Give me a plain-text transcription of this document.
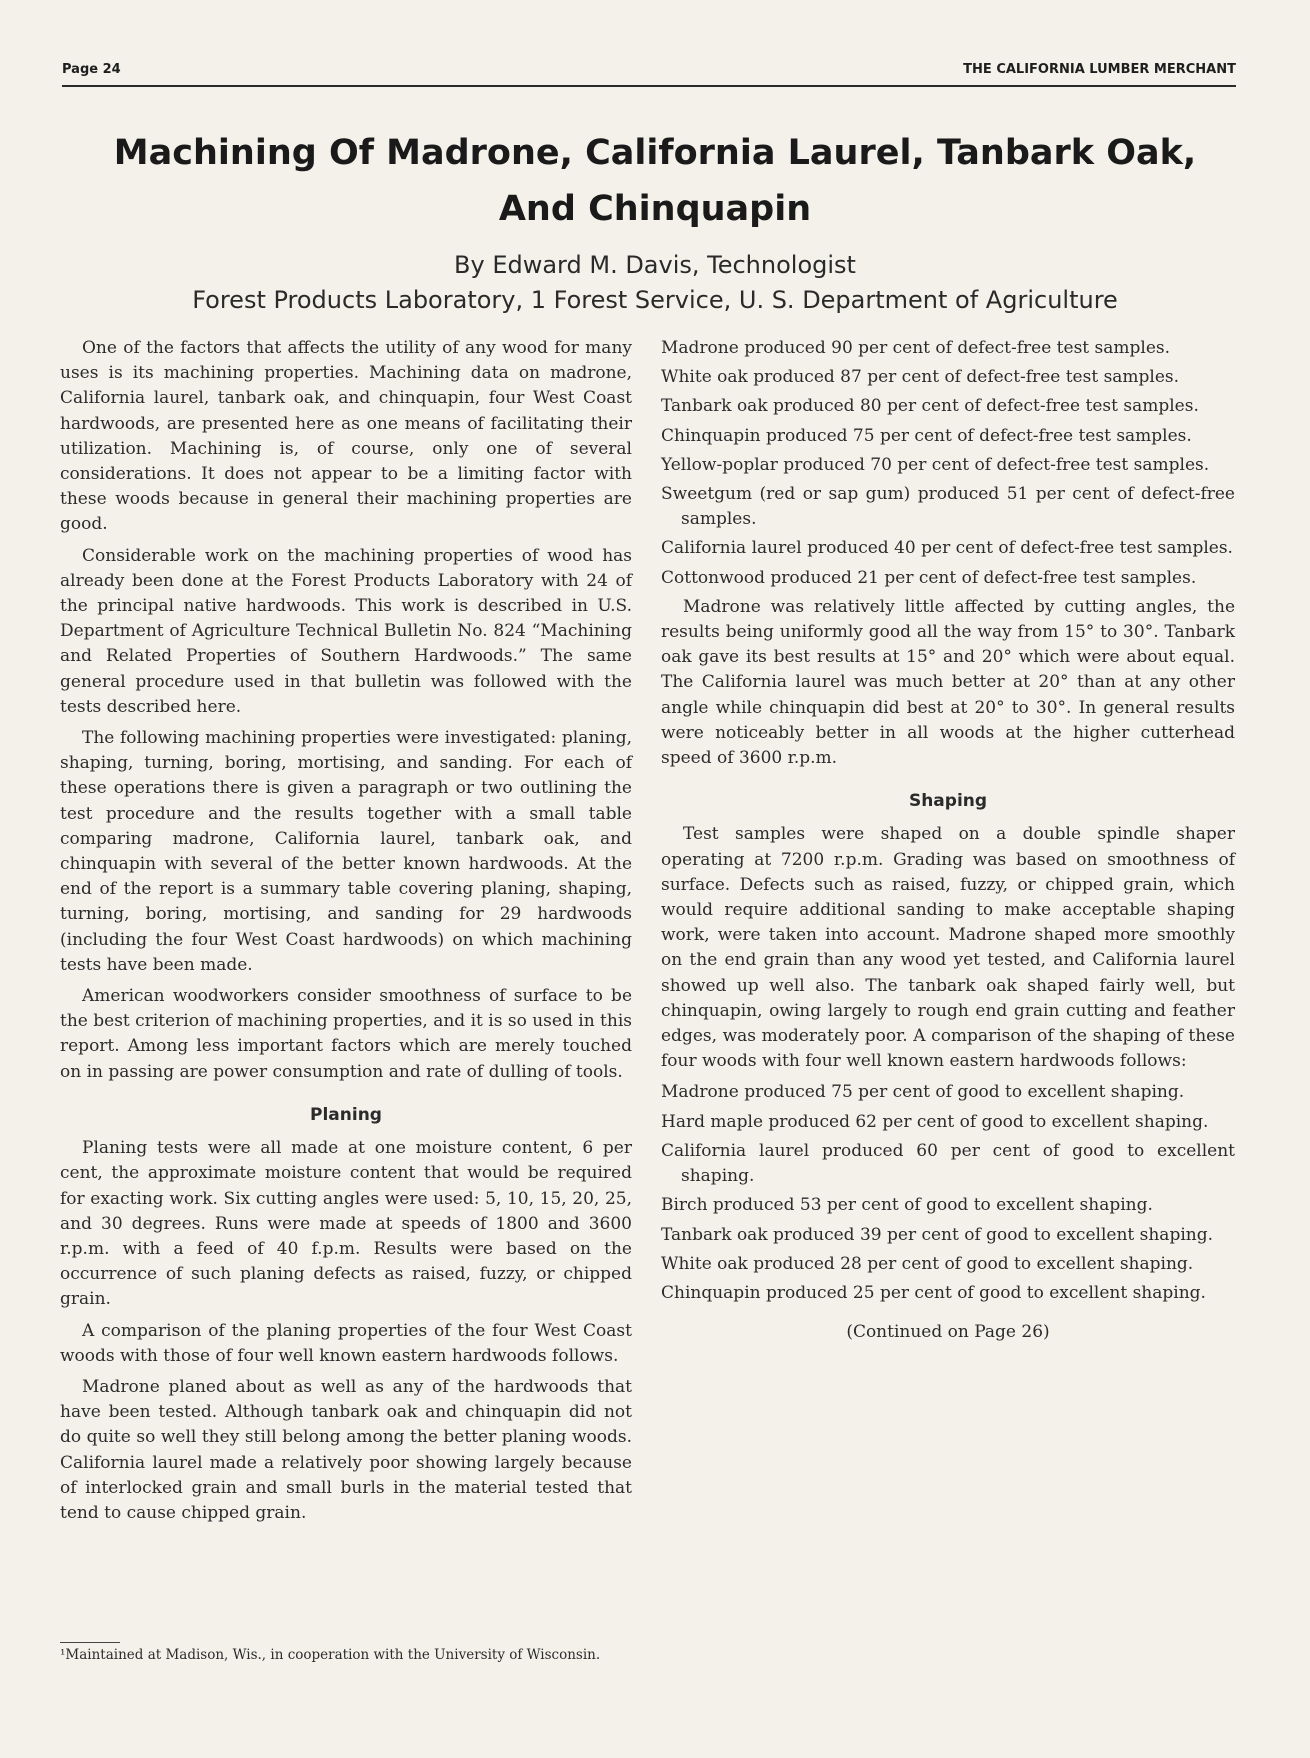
Page 24	THE CALIFORNIA LUMBER MERCHANT
Machining Of Madrone, California Laurel, Tanbark Oak,
And Chinquapin
By Edward M. Davis, Technologist
Forest Products Laboratory, 1 Forest Service, U. S. Department of Agriculture

One of the factors that affects the utility of any wood for many uses is its machining properties. Machining data on madrone, California laurel, tanbark oak, and chinquapin, four West Coast hardwoods, are presented here as one means of facilitating their utilization. Machining is, of course, only one of several considerations. It does not appear to be a limiting factor with these woods because in general their machining properties are good.

Considerable work on the machining properties of wood has already been done at the Forest Products Laboratory with 24 of the principal native hardwoods. This work is described in U.S. Department of Agriculture Technical Bulletin No. 824 “Machining and Related Properties of Southern Hardwoods.” The same general procedure used in that bulletin was followed with the tests described here.

The following machining properties were investigated: planing, shaping, turning, boring, mortising, and sanding. For each of these operations there is given a paragraph or two outlining the test procedure and the results together with a small table comparing madrone, California laurel, tanbark oak, and chinquapin with several of the better known hardwoods. At the end of the report is a summary table covering planing, shaping, turning, boring, mortising, and sanding for 29 hardwoods (including the four West Coast hardwoods) on which machining tests have been made.

American woodworkers consider smoothness of surface to be the best criterion of machining properties, and it is so used in this report. Among less important factors which are merely touched on in passing are power consumption and rate of dulling of tools.

Planing

Planing tests were all made at one moisture content, 6 per cent, the approximate moisture content that would be required for exacting work. Six cutting angles were used: 5, 10, 15, 20, 25, and 30 degrees. Runs were made at speeds of 1800 and 3600 r.p.m. with a feed of 40 f.p.m. Results were based on the occurrence of such planing defects as raised, fuzzy, or chipped grain.

A comparison of the planing properties of the four West Coast woods with those of four well known eastern hardwoods follows.

Madrone planed about as well as any of the hardwoods that have been tested. Although tanbark oak and chinquapin did not do quite so well they still belong among the better planing woods. California laurel made a relatively poor showing largely because of interlocked grain and small burls in the material tested that tend to cause chipped grain.

¹Maintained at Madison, Wis., in cooperation with the University of Wisconsin.

Madrone produced 90 per cent of defect-free test samples.

White oak produced 87 per cent of defect-free test samples.

Tanbark oak produced 80 per cent of defect-free test samples.

Chinquapin produced 75 per cent of defect-free test samples.

Yellow-poplar produced 70 per cent of defect-free test samples.

Sweetgum (red or sap gum) produced 51 per cent of defect-free samples.

California laurel produced 40 per cent of defect-free test samples.

Cottonwood produced 21 per cent of defect-free test samples.

Madrone was relatively little affected by cutting angles, the results being uniformly good all the way from 15° to 30°. Tanbark oak gave its best results at 15° and 20° which were about equal. The California laurel was much better at 20° than at any other angle while chinquapin did best at 20° to 30°. In general results were noticeably better in all woods at the higher cutterhead speed of 3600 r.p.m.

Shaping

Test samples were shaped on a double spindle shaper operating at 7200 r.p.m. Grading was based on smoothness of surface. Defects such as raised, fuzzy, or chipped grain, which would require additional sanding to make acceptable shaping work, were taken into account. Madrone shaped more smoothly on the end grain than any wood yet tested, and California laurel showed up well also. The tanbark oak shaped fairly well, but chinquapin, owing largely to rough end grain cutting and feather edges, was moderately poor. A comparison of the shaping of these four woods with four well known eastern hardwoods follows:

Madrone produced 75 per cent of good to excellent shaping.

Hard maple produced 62 per cent of good to excellent shaping.

California laurel produced 60 per cent of good to excellent shaping.

Birch produced 53 per cent of good to excellent shaping.

Tanbark oak produced 39 per cent of good to excellent shaping.

White oak produced 28 per cent of good to excellent shaping.

Chinquapin produced 25 per cent of good to excellent shaping.

(Continued on Page 26)
